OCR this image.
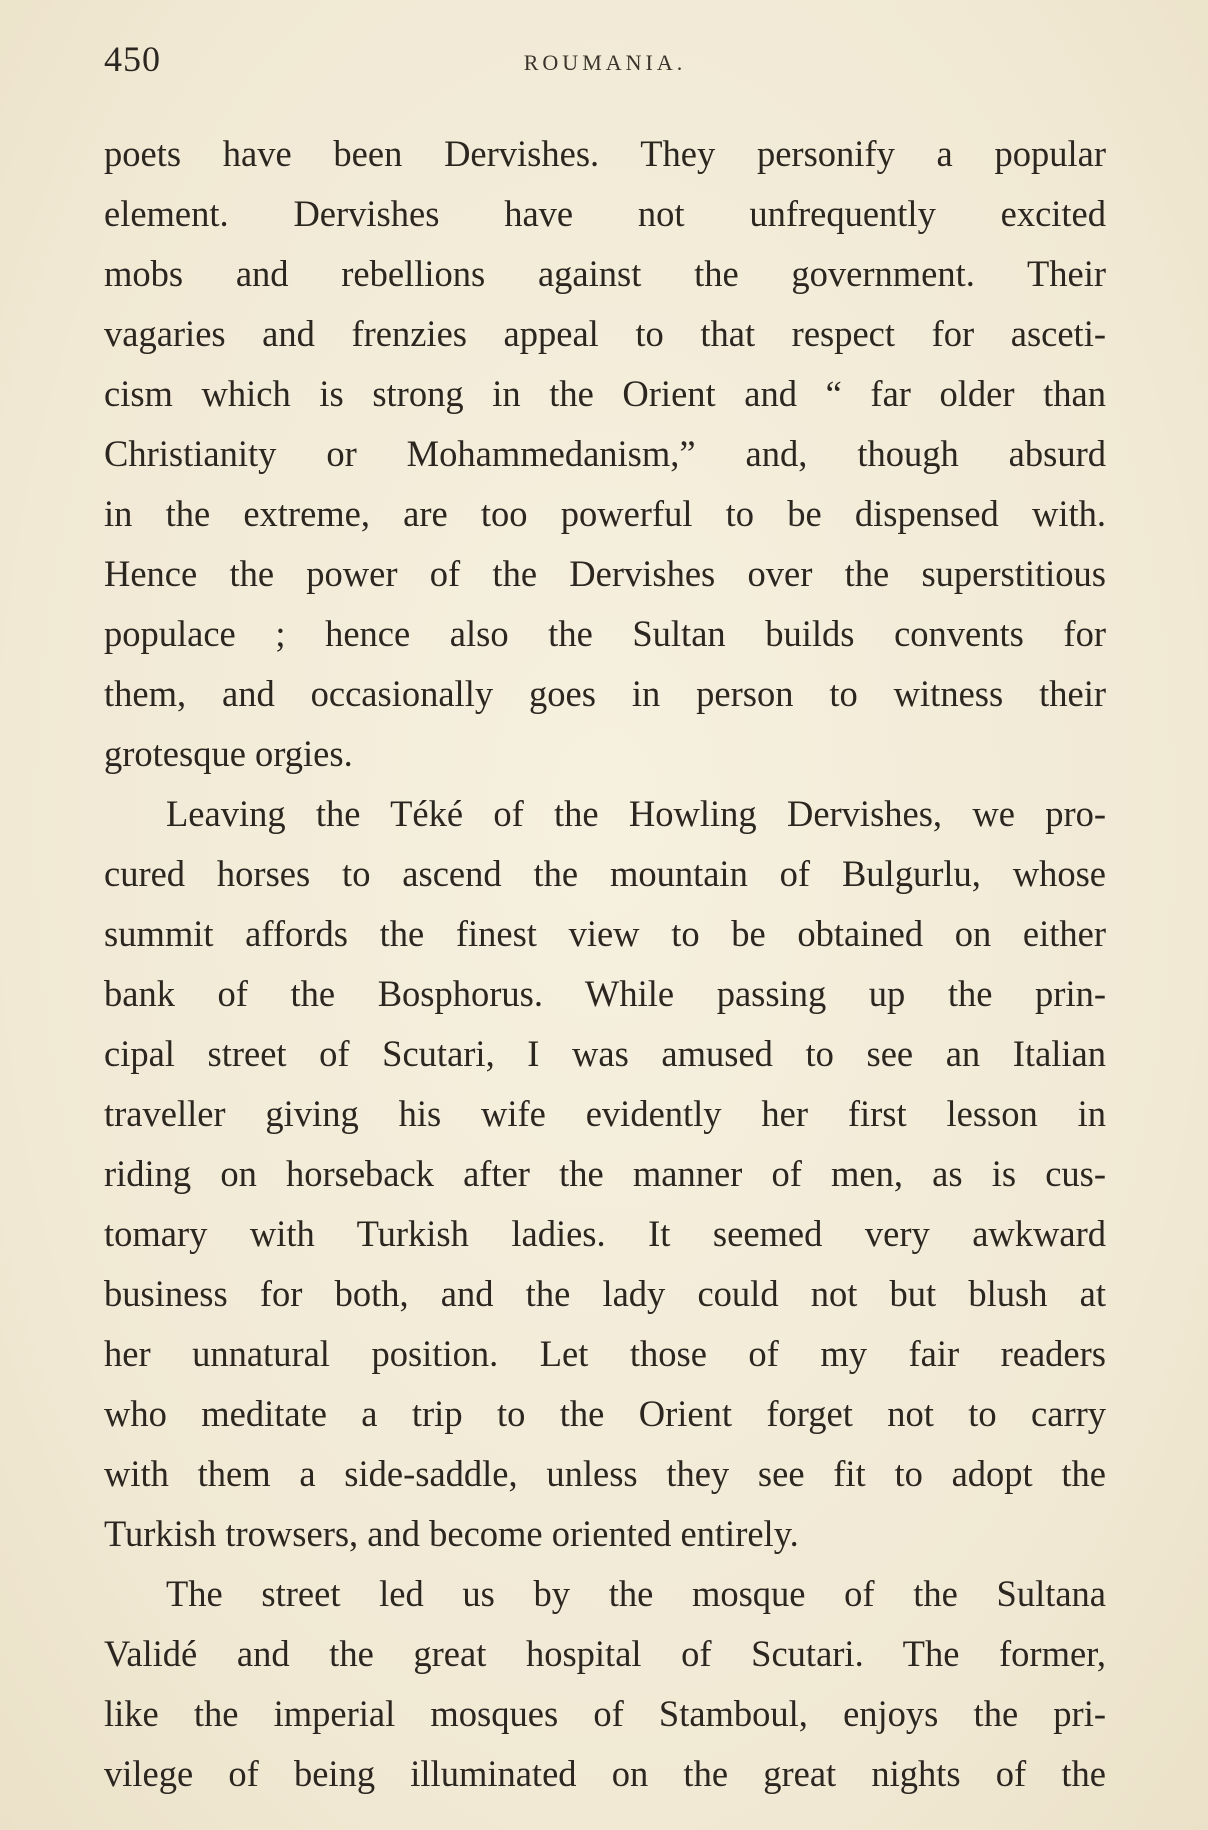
450	ROUMANIA.
poets have been Dervishes. They personify a popular
element. Dervishes have not unfrequently excited
mobs and rebellions against the government. Their
vagaries and frenzies appeal to that respect for asceti-
cism which is strong in the Orient and “ far older than
Christianity or Mohammedanism,” and, though absurd
in the extreme, are too powerful to be dispensed with.
Hence the power of the Dervishes over the superstitious
populace ; hence also the Sultan builds convents for
them, and occasionally goes in person to witness their
grotesque orgies.
Leaving the Téké of the Howling Dervishes, we pro-
cured horses to ascend the mountain of Bulgurlu, whose
summit affords the finest view to be obtained on either
bank of the Bosphorus. While passing up the prin-
cipal street of Scutari, I was amused to see an Italian
traveller giving his wife evidently her first lesson in
riding on horseback after the manner of men, as is cus-
tomary with Turkish ladies. It seemed very awkward
business for both, and the lady could not but blush at
her unnatural position. Let those of my fair readers
who meditate a trip to the Orient forget not to carry
with them a side-saddle, unless they see fit to adopt the
Turkish trowsers, and become oriented entirely.
The street led us by the mosque of the Sultana
Validé and the great hospital of Scutari. The former,
like the imperial mosques of Stamboul, enjoys the pri-
vilege of being illuminated on the great nights of the
